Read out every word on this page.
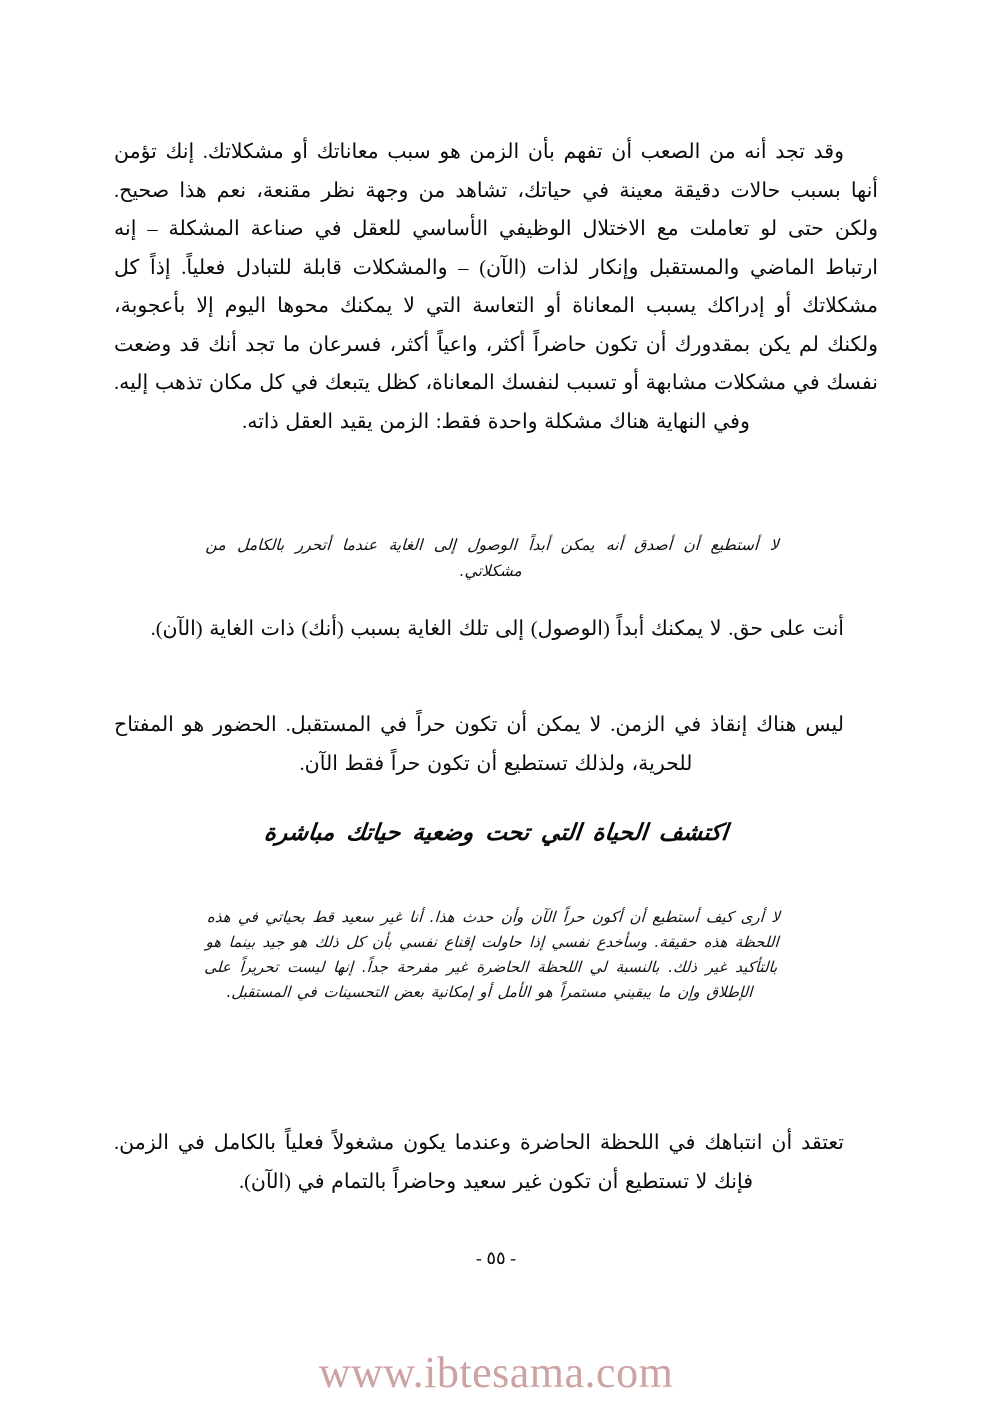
وقد تجد أنه من الصعب أن تفهم بأن الزمن هو سبب معاناتك أو مشكلاتك. إنك تؤمن أنها بسبب حالات دقيقة معينة في حياتك، تشاهد من وجهة نظر مقنعة، نعم هذا صحيح. ولكن حتى لو تعاملت مع الاختلال الوظيفي الأساسي للعقل في صناعة المشكلة – إنه ارتباط الماضي والمستقبل وإنكار لذات (الآن) – والمشكلات قابلة للتبادل فعلياً. إذاً كل مشكلاتك أو إدراكك يسبب المعاناة أو التعاسة التي لا يمكنك محوها اليوم إلا بأعجوبة، ولكنك لم يكن بمقدورك أن تكون حاضراً أكثر، واعياً أكثر، فسرعان ما تجد أنك قد وضعت نفسك في مشكلات مشابهة أو تسبب لنفسك المعاناة، كظل يتبعك في كل مكان تذهب إليه. وفي النهاية هناك مشكلة واحدة فقط: الزمن يقيد العقل ذاته.

لا أستطيع أن أصدق أنه يمكن أبداً الوصول إلى الغاية عندما أتحرر بالكامل من مشكلاتي.

أنت على حق. لا يمكنك أبداً (الوصول) إلى تلك الغاية بسبب (أنك) ذات الغاية (الآن).

ليس هناك إنقاذ في الزمن. لا يمكن أن تكون حراً في المستقبل. الحضور هو المفتاح للحرية، ولذلك تستطيع أن تكون حراً فقط الآن.

اكتشف الحياة التي تحت وضعية حياتك مباشرة
لا أرى كيف أستطيع أن أكون حراً الآن وأن حدث هذا. أنا غير سعيد قط بحياتي في هذه اللحظة هذه حقيقة. وسأخدع نفسي إذا حاولت إقناع نفسي بأن كل ذلك هو جيد بينما هو بالتأكيد غير ذلك. بالنسبة لي اللحظة الحاضرة غير مفرحة جداً. إنها ليست تحريراً على الإطلاق وإن ما يبقيني مستمراً هو الأمل أو إمكانية بعض التحسينات في المستقبل.

تعتقد أن انتباهك في اللحظة الحاضرة وعندما يكون مشغولاً فعلياً بالكامل في الزمن. فإنك لا تستطيع أن تكون غير سعيد وحاضراً بالتمام في (الآن).

- ٥٥ -
www.ibtesama.com
